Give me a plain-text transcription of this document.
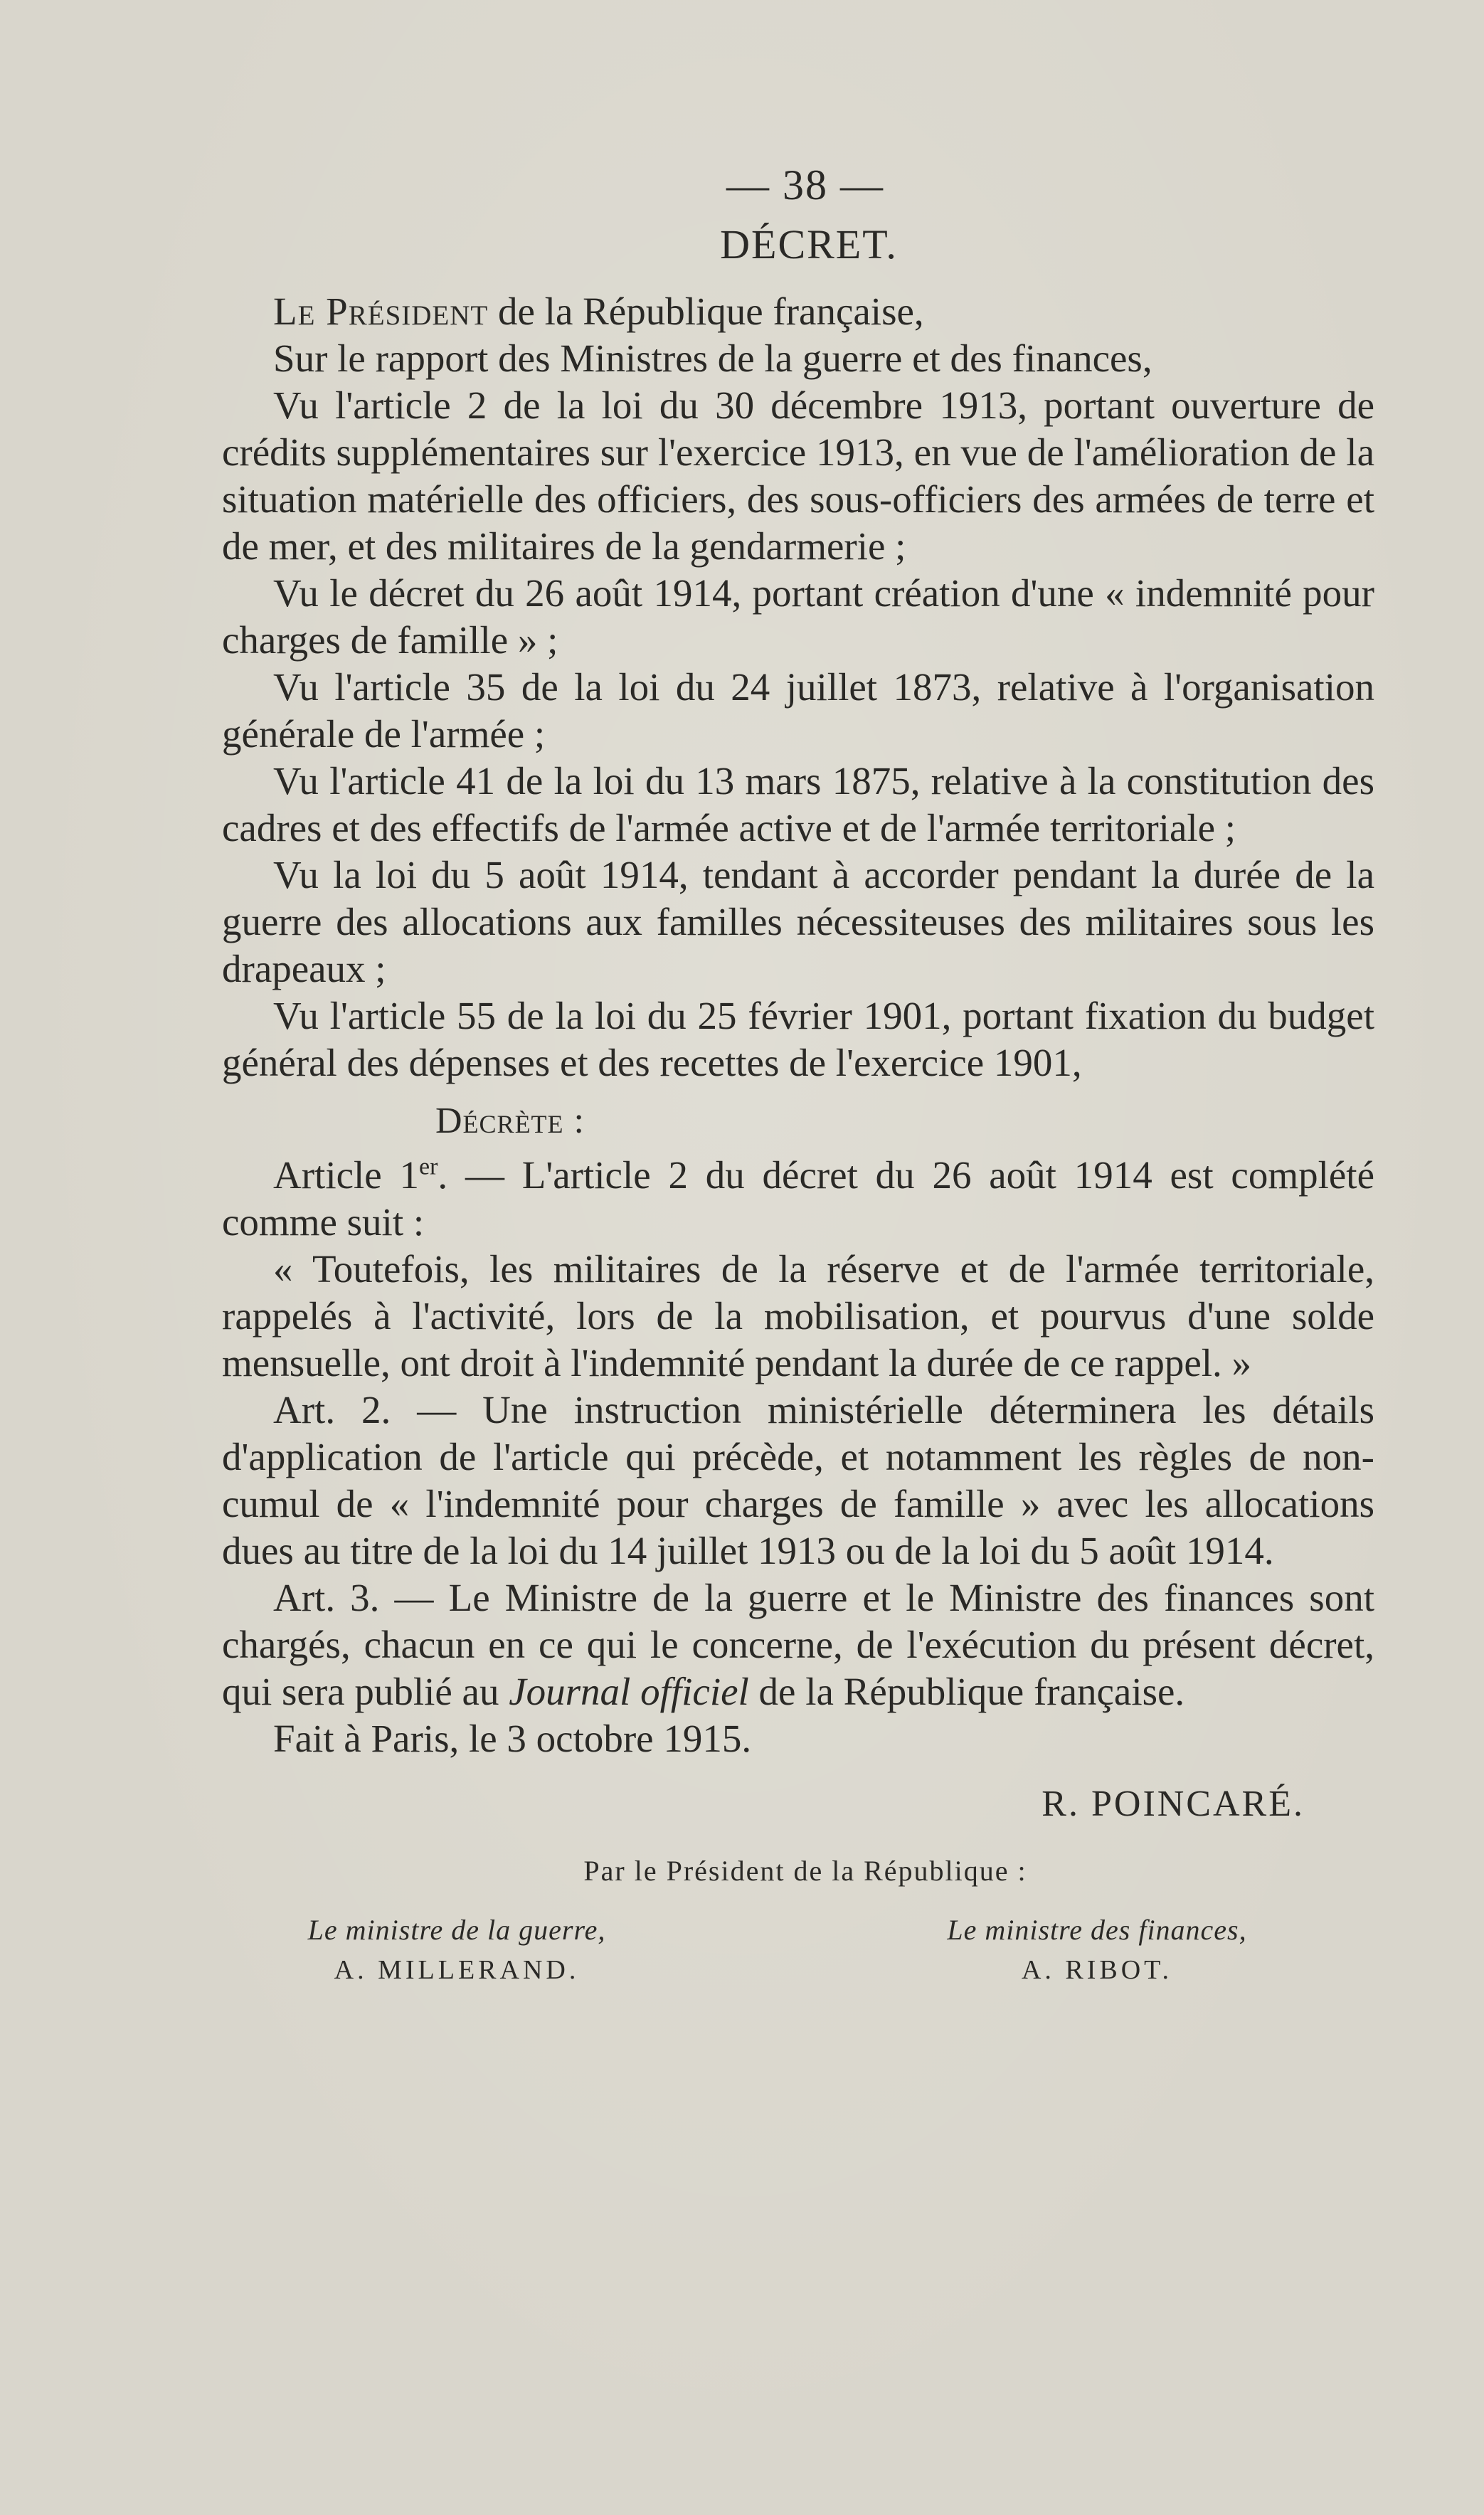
— 38 —
DÉCRET.

Le Président de la République française,

Sur le rapport des Ministres de la guerre et des finances,

Vu l'article 2 de la loi du 30 décembre 1913, portant ouverture de crédits supplémentaires sur l'exercice 1913, en vue de l'amélioration de la situation matérielle des officiers, des sous-officiers des armées de terre et de mer, et des militaires de la gendarmerie ;

Vu le décret du 26 août 1914, portant création d'une « indemnité pour charges de famille » ;

Vu l'article 35 de la loi du 24 juillet 1873, relative à l'organisation générale de l'armée ;

Vu l'article 41 de la loi du 13 mars 1875, relative à la constitution des cadres et des effectifs de l'armée active et de l'armée territoriale ;

Vu la loi du 5 août 1914, tendant à accorder pendant la durée de la guerre des allocations aux familles nécessiteuses des militaires sous les drapeaux ;

Vu l'article 55 de la loi du 25 février 1901, portant fixation du budget général des dépenses et des recettes de l'exercice 1901,

Décrète :

Article 1er. — L'article 2 du décret du 26 août 1914 est complété comme suit :

« Toutefois, les militaires de la réserve et de l'armée territoriale, rappelés à l'activité, lors de la mobilisation, et pourvus d'une solde mensuelle, ont droit à l'indemnité pendant la durée de ce rappel. »

Art. 2. — Une instruction ministérielle déterminera les détails d'application de l'article qui précède, et notamment les règles de non-cumul de « l'indemnité pour charges de famille » avec les allocations dues au titre de la loi du 14 juillet 1913 ou de la loi du 5 août 1914.

Art. 3. — Le Ministre de la guerre et le Ministre des finances sont chargés, chacun en ce qui le concerne, de l'exécution du présent décret, qui sera publié au Journal officiel de la République française.

Fait à Paris, le 3 octobre 1915.

R. POINCARÉ.

Par le Président de la République :

Le ministre de la guerre,
A. MILLERAND.
Le ministre des finances,
A. RIBOT.
